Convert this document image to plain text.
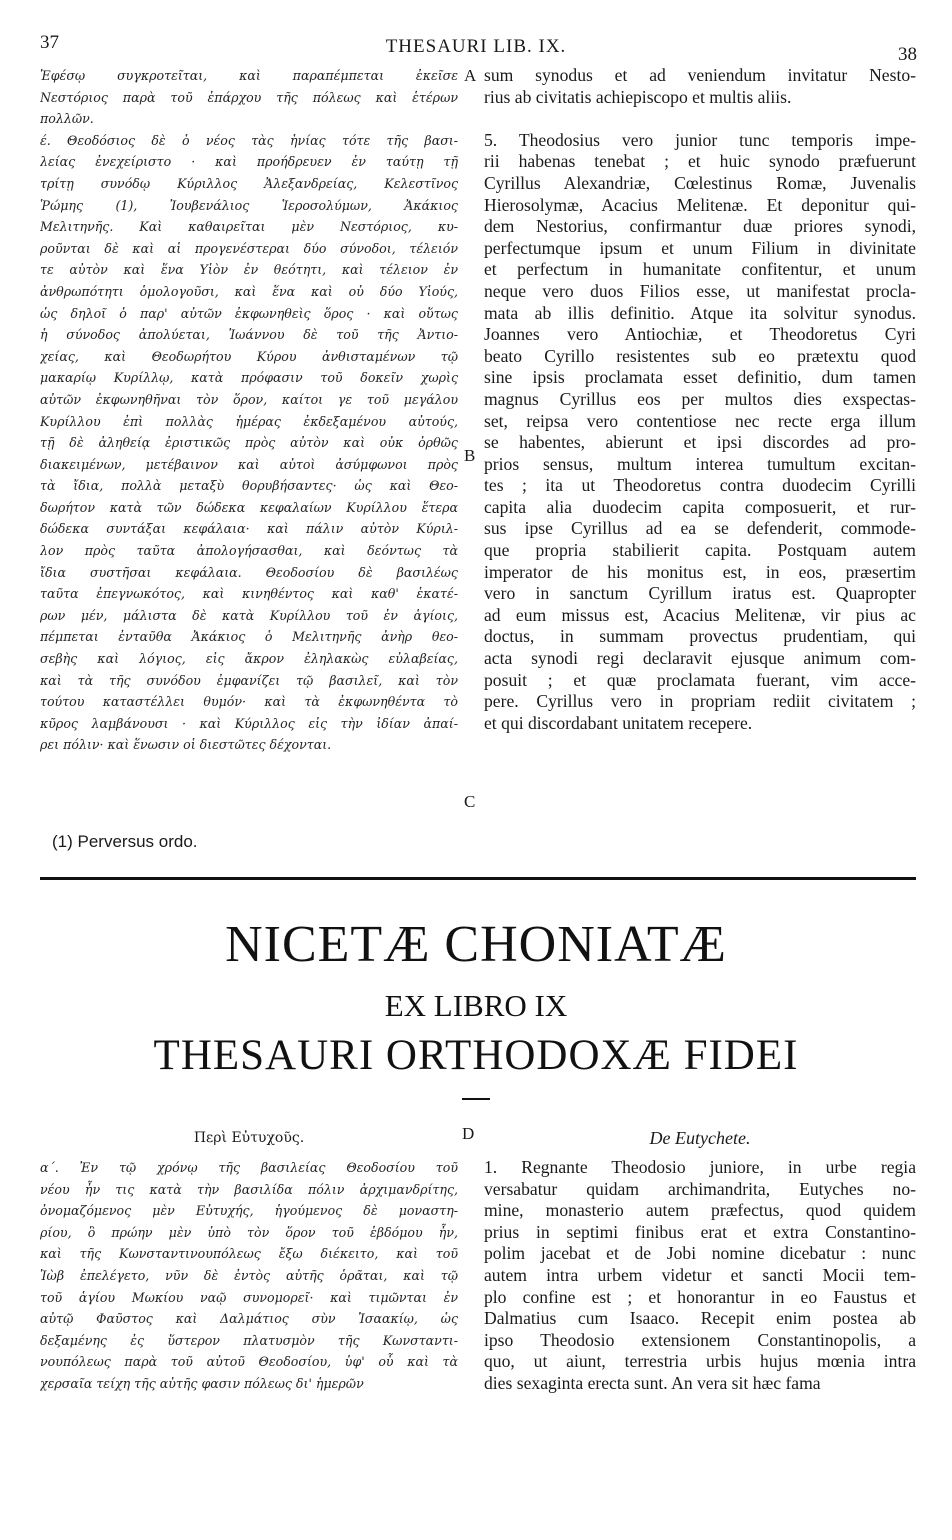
37	THESAURI LIB. IX.	38
Ἐφέσῳ συγκροτεῖται, καὶ παραπέμπεται ἐκεῖσε
Νεστόριος παρὰ τοῦ ἐπάρχου τῆς πόλεως καὶ ἑτέρων
πολλῶν.
έ. Θεοδόσιος δὲ ὁ νέος τὰς ἡνίας τότε τῆς βασι-
λείας ἐνεχείριστο · καὶ προήδρευεν ἐν ταύτῃ τῇ
τρίτῃ συνόδῳ Κύριλλος Ἀλεξανδρείας, Κελεστῖνος
Ῥώμης (1), Ἰουβενάλιος Ἱεροσολύμων, Ἀκάκιος
Μελιτηνῆς. Καὶ καθαιρεῖται μὲν Νεστόριος, κυ-
ροῦνται δὲ καὶ αἱ προγενέστεραι δύο σύνοδοι, τέλειόν
τε αὐτὸν καὶ ἕνα Υἱὸν ἐν θεότητι, καὶ τέλειον ἐν
ἀνθρωπότητι ὁμολογοῦσι, καὶ ἕνα καὶ οὐ δύο Υἱούς,
ὡς δηλοῖ ὁ παρ' αὐτῶν ἐκφωνηθεὶς ὅρος · καὶ οὕτως
ἡ σύνοδος ἀπολύεται, Ἰωάννου δὲ τοῦ τῆς Ἀντιο-
χείας, καὶ Θεοδωρήτου Κύρου ἀνθισταμένων τῷ
μακαρίῳ Κυρίλλῳ, κατὰ πρόφασιν τοῦ δοκεῖν χωρὶς
αὐτῶν ἐκφωνηθῆναι τὸν ὅρον, καίτοι γε τοῦ μεγάλου
Κυρίλλου ἐπὶ πολλὰς ἡμέρας ἐκδεξαμένου αὐτούς,
τῇ δὲ ἀληθείᾳ ἐριστικῶς πρὸς αὐτὸν καὶ οὐκ ὀρθῶς
διακειμένων, μετέβαινον καὶ αὐτοὶ ἀσύμφωνοι πρὸς
τὰ ἴδια, πολλὰ μεταξὺ θορυβήσαντες· ὡς καὶ Θεο-
δωρήτον κατὰ τῶν δώδεκα κεφαλαίων Κυρίλλου ἕτερα
δώδεκα συντάξαι κεφάλαια· καὶ πάλιν αὐτὸν Κύριλ-
λον πρὸς ταῦτα ἀπολογήσασθαι, καὶ δεόντως τὰ
ἴδια συστῆσαι κεφάλαια. Θεοδοσίου δὲ βασιλέως
ταῦτα ἐπεγνωκότος, καὶ κινηθέντος καὶ καθ' ἑκατέ-
ρων μέν, μάλιστα δὲ κατὰ Κυρίλλου τοῦ ἐν ἁγίοις,
πέμπεται ἐνταῦθα Ἀκάκιος ὁ Μελιτηνῆς ἀνὴρ θεο-
σεβὴς καὶ λόγιος, εἰς ἄκρον ἐληλακὼς εὐλαβείας,
καὶ τὰ τῆς συνόδου ἐμφανίζει τῷ βασιλεῖ, καὶ τὸν
τούτου καταστέλλει θυμόν· καὶ τὰ ἐκφωνηθέντα τὸ
κῦρος λαμβάνουσι · καὶ Κύριλλος εἰς τὴν ἰδίαν ἀπαί-
ρει πόλιν· καὶ ἕνωσιν οἱ διεστῶτες δέχονται.
sum synodus et ad veniendum invitatur Nesto-
rius ab civitatis achiepiscopo et multis aliis.
5. Theodosius vero junior tunc temporis impe-
rii habenas tenebat ; et huic synodo præfuerunt
Cyrillus Alexandriæ, Cœlestinus Romæ, Juvenalis
Hierosolymæ, Acacius Melitenæ. Et deponitur qui-
dem Nestorius, confirmantur duæ priores synodi,
perfectumque ipsum et unum Filium in divinitate
et perfectum in humanitate confitentur, et unum
neque vero duos Filios esse, ut manifestat procla-
mata ab illis definitio. Atque ita solvitur synodus.
Joannes vero Antiochiæ, et Theodoretus Cyri
beato Cyrillo resistentes sub eo prætextu quod
sine ipsis proclamata esset definitio, dum tamen
magnus Cyrillus eos per multos dies exspectas-
set, reipsa vero contentiose nec recte erga illum
se habentes, abierunt et ipsi discordes ad pro-
prios sensus, multum interea tumultum excitan-
tes ; ita ut Theodoretus contra duodecim Cyrilli
capita alia duodecim capita composuerit, et rur-
sus ipse Cyrillus ad ea se defenderit, commode-
que propria stabilierit capita. Postquam autem
imperator de his monitus est, in eos, præsertim
vero in sanctum Cyrillum iratus est. Quapropter
ad eum missus est, Acacius Melitenæ, vir pius ac
doctus, in summam provectus prudentiam, qui
acta synodi regi declaravit ejusque animum com-
posuit ; et quæ proclamata fuerant, vim acce-
pere. Cyrillus vero in propriam rediit civitatem ;
et qui discordabant unitatem recepere.
A
B
C
(1) Perversus ordo.
NICETÆ CHONIATÆ
EX LIBRO IX
THESAURI ORTHODOXÆ FIDEI
Περὶ Εὐτυχοῦς.	D	De Eutychete.
α΄. Ἐν τῷ χρόνῳ τῆς βασιλείας Θεοδοσίου τοῦ
νέου ἦν τις κατὰ τὴν βασιλίδα πόλιν ἀρχιμανδρίτης,
ὀνομαζόμενος μὲν Εὐτυχής, ἡγούμενος δὲ μοναστη-
ρίου, ὃ πρώην μὲν ὑπὸ τὸν ὅρον τοῦ ἑβδόμου ἦν,
καὶ τῆς Κωνσταντινουπόλεως ἔξω διέκειτο, καὶ τοῦ
Ἰὼβ ἐπελέγετο, νῦν δὲ ἐντὸς αὐτῆς ὁρᾶται, καὶ τῷ
τοῦ ἁγίου Μωκίου ναῷ συνομορεῖ· καὶ τιμῶνται ἐν
αὐτῷ Φαῦστος καὶ Δαλμάτιος σὺν Ἰσαακίῳ, ὡς
δεξαμένης ἐς ὕστερον πλατυσμὸν τῆς Κωνσταντι-
νουπόλεως παρὰ τοῦ αὐτοῦ Θεοδοσίου, ὑφ' οὗ καὶ τὰ
χερσαῖα τείχη τῆς αὐτῆς φασιν πόλεως δι' ἡμερῶν
1. Regnante Theodosio juniore, in urbe regia
versabatur quidam archimandrita, Eutyches no-
mine, monasterio autem præfectus, quod quidem
prius in septimi finibus erat et extra Constantino-
polim jacebat et de Jobi nomine dicebatur : nunc
autem intra urbem videtur et sancti Mocii tem-
plo confine est ; et honorantur in eo Faustus et
Dalmatius cum Isaaco. Recepit enim postea ab
ipso Theodosio extensionem Constantinopolis, a
quo, ut aiunt, terrestria urbis hujus mœnia intra
dies sexaginta erecta sunt. An vera sit hæc fama
